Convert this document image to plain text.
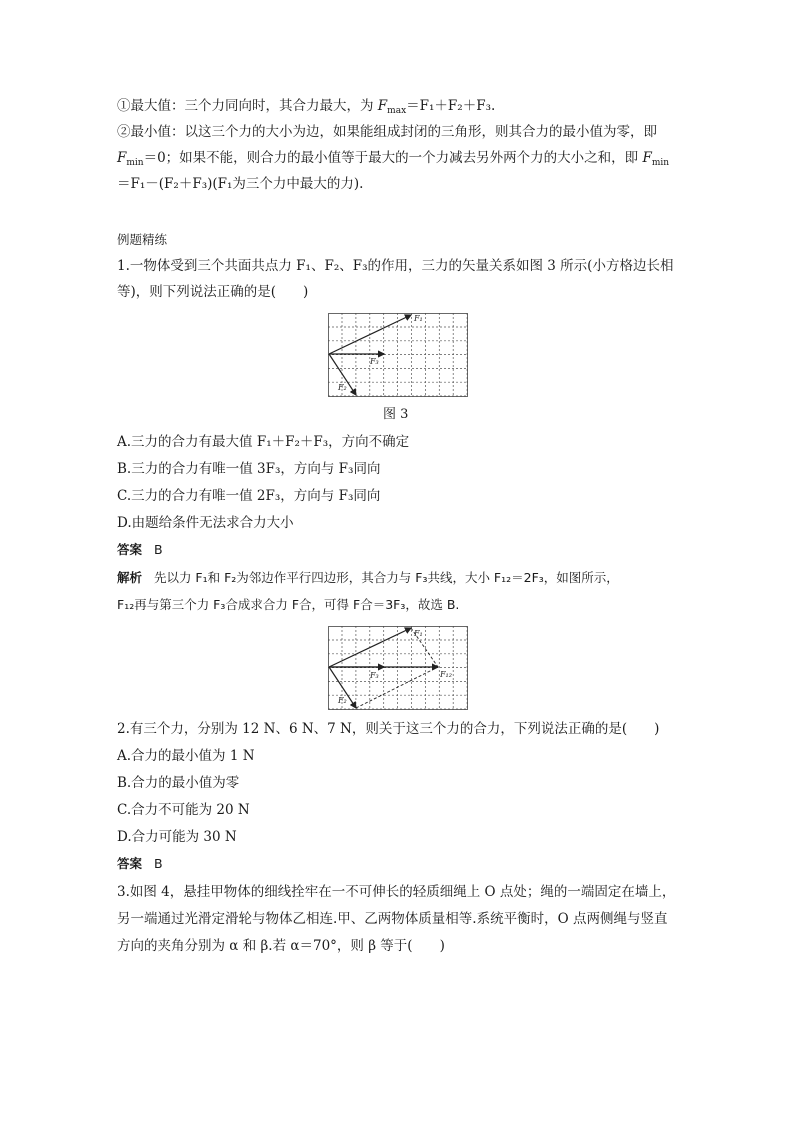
①最大值：三个力同向时，其合力最大，为 $F_{max}=F_1+F_2+F_3$.
②最小值：以这三个力的大小为边，如果能组成封闭的三角形，则其合力的最小值为零，即
$F_{min}=0$；如果不能，则合力的最小值等于最大的一个力减去另外两个力的大小之和，即 $F_{min}$
＝F₁－(F₂＋F₃)(F₁为三个力中最大的力).
例题精练
1.一物体受到三个共面共点力 F₁、F₂、F₃的作用，三力的矢量关系如图 3 所示(小方格边长相
等)，则下列说法正确的是(　　)
F₁
F₃
F₂
图 3
A.三力的合力有最大值 F₁＋F₂＋F₃，方向不确定
B.三力的合力有唯一值 3F₃，方向与 F₃同向
C.三力的合力有唯一值 2F₃，方向与 F₃同向
D.由题给条件无法求合力大小
答案 B
解析 先以力 F₁和 F₂为邻边作平行四边形，其合力与 F₃共线，大小 F₁₂＝2F₃，如图所示，
F₁₂再与第三个力 F₃合成求合力 F合，可得 F合＝3F₃，故选 B.
F₁
F₃
F₂
F₁₂
2.有三个力，分别为 12 N、6 N、7 N，则关于这三个力的合力，下列说法正确的是(　　)
A.合力的最小值为 1 N
B.合力的最小值为零
C.合力不可能为 20 N
D.合力可能为 30 N
答案 B
3.如图 4，悬挂甲物体的细线拴牢在一不可伸长的轻质细绳上 O 点处；绳的一端固定在墙上，
另一端通过光滑定滑轮与物体乙相连.甲、乙两物体质量相等.系统平衡时，O 点两侧绳与竖直
方向的夹角分别为 α 和 β.若 α＝70°，则 β 等于(　　)
